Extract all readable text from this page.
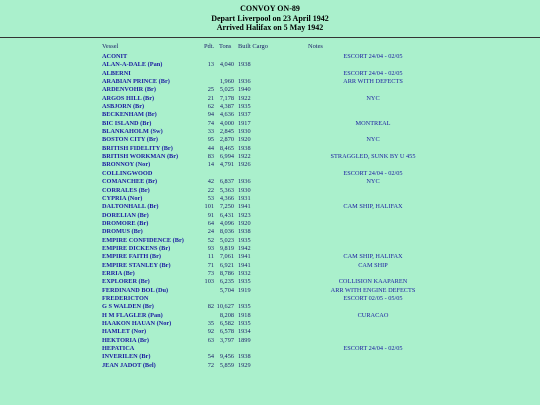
CONVOY ON-89
Depart Liverpool on 23 April 1942
Arrived Halifax on 5 May 1942
Vessel	Pdt. Tons Built Cargo	Notes
ACONIT	ESCORT 24/04 - 02/05
ALAN-A-DALE (Pan)	13 4,040 1938
ALBERNI	ESCORT 24/04 - 02/05
ARABIAN PRINCE (Br)	1,960 1936	ARR WITH DEFECTS
ARDENVOHR (Br)	25 5,025 1940
ARGOS HILL (Br)	21 7,178 1922	NYC
ASBJORN (Br)	62 4,387 1935
BECKENHAM (Br)	94 4,636 1937
BIC ISLAND (Br)	74 4,000 1917	MONTREAL
BLANKAHOLM (Sw)	33 2,845 1930
BOSTON CITY (Br)	95 2,870 1920	NYC
BRITISH FIDELITY (Br)	44 8,465 1938
BRITISH WORKMAN (Br)	83 6,994 1922	STRAGGLED, SUNK BY U 455
BRONNOY (Nor)	14 4,791 1926
COLLINGWOOD	ESCORT 24/04 - 02/05
COMANCHEE (Br)	42 6,837 1936	NYC
CORRALES (Br)	22 5,363 1930
CYPRIA (Nor)	53 4,366 1931
DALTONHALL (Br)	101 7,250 1941	CAM SHIP, HALIFAX
DORELIAN (Br)	91 6,431 1923
DROMORE (Br)	64 4,096 1920
DROMUS (Br)	24 8,036 1938
EMPIRE CONFIDENCE (Br)	52 5,023 1935
EMPIRE DICKENS (Br)	93 9,819 1942
EMPIRE FAITH (Br)	11 7,061 1941	CAM SHIP, HALIFAX
EMPIRE STANLEY (Br)	71 6,921 1941	CAM SHIP
ERRIA (Br)	73 8,786 1932
EXPLORER (Br)	103 6,235 1935	COLLISION KAAPAREN
FERDINAND BOL (Du)	5,704 1919	ARR WITH ENGINE DEFECTS
FREDERICTON	ESCORT 02/05 - 05/05
G S WALDEN (Br)	82 10,627 1935
H M FLAGLER (Pan)	8,208 1918	CURACAO
HAAKON HAUAN (Nor)	35 6,582 1935
HAMLET (Nor)	92 6,578 1934
HEKTORIA (Br)	63 3,797 1899
HEPATICA	ESCORT 24/04 - 02/05
INVERILEN (Br)	54 9,456 1938
JEAN JADOT (Bel)	72 5,859 1929
